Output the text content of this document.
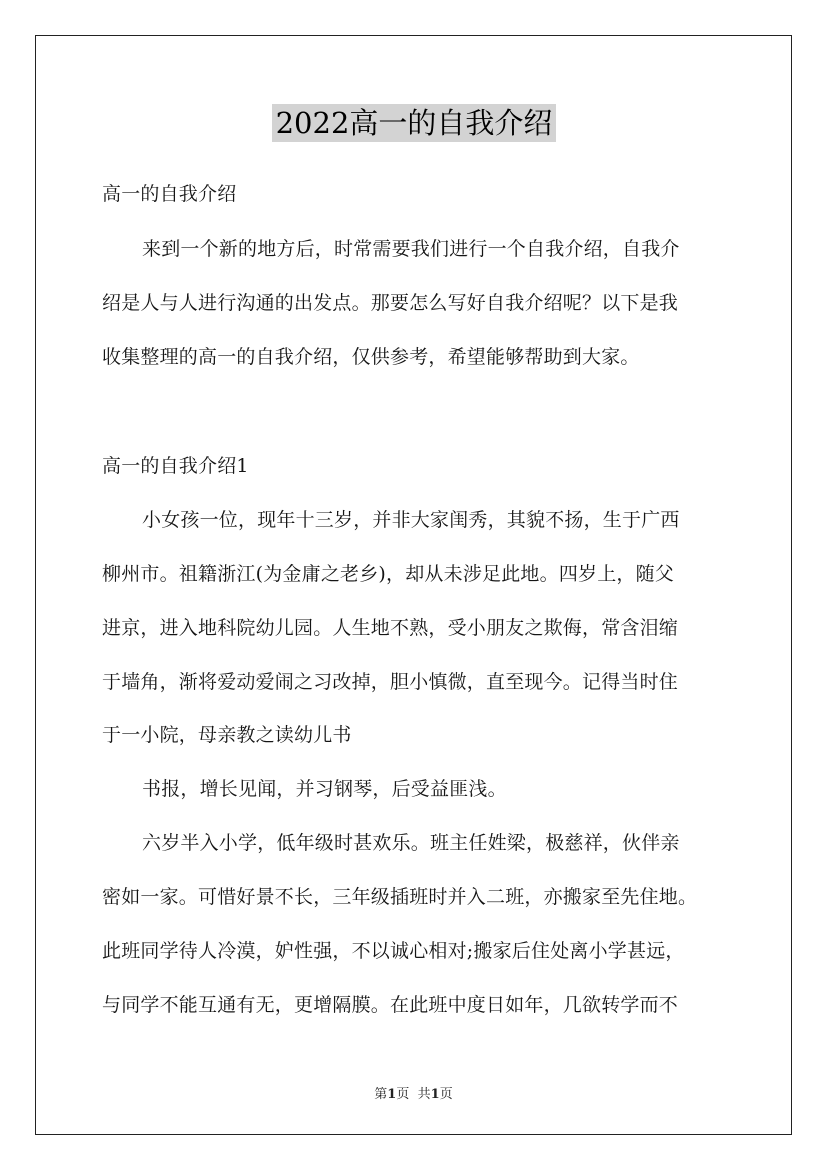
2022高一的自我介绍
高一的自我介绍
来到一个新的地方后，时常需要我们进行一个自我介绍，自我介
绍是人与人进行沟通的出发点。那要怎么写好自我介绍呢？以下是我
收集整理的高一的自我介绍，仅供参考，希望能够帮助到大家。
高一的自我介绍1
小女孩一位，现年十三岁，并非大家闺秀，其貌不扬，生于广西
柳州市。祖籍浙江(为金庸之老乡)，却从未涉足此地。四岁上，随父
进京，进入地科院幼儿园。人生地不熟，受小朋友之欺侮，常含泪缩
于墙角，渐将爱动爱闹之习改掉，胆小慎微，直至现今。记得当时住
于一小院，母亲教之读幼儿书
书报，增长见闻，并习钢琴，后受益匪浅。
六岁半入小学，低年级时甚欢乐。班主任姓梁，极慈祥，伙伴亲
密如一家。可惜好景不长，三年级插班时并入二班，亦搬家至先住地。
此班同学待人冷漠，妒性强，不以诚心相对;搬家后住处离小学甚远，
与同学不能互通有无，更增隔膜。在此班中度日如年，几欲转学而不
第1页 共1页
